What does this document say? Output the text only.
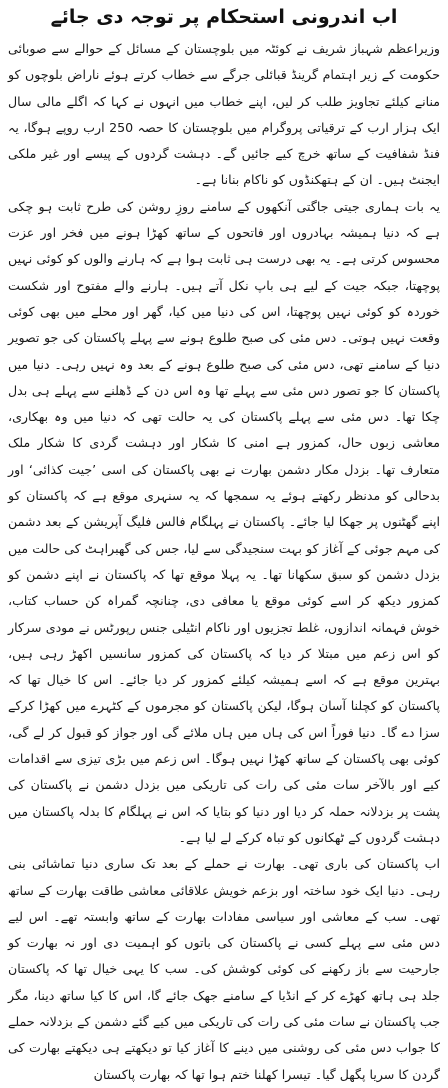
اب اندرونی استحکام پر توجہ دی جائے

وزیراعظم شہباز شریف نے کوئٹہ میں بلوچستان کے مسائل کے حوالے سے صوبائی حکومت کے زیر اہتمام گرینڈ قبائلی جرگے سے خطاب کرتے ہوئے ناراض بلوچوں کو منانے کیلئے تجاویز طلب کر لیں، اپنے خطاب میں انہوں نے کہا کہ اگلے مالی سال ایک ہزار ارب کے ترقیاتی پروگرام میں بلوچستان کا حصہ 250 ارب روپے ہوگا، یہ فنڈ شفافیت کے ساتھ خرچ کیے جائیں گے۔ دہشت گردوں کے پیسے اور غیر ملکی ایجنٹ ہیں۔ ان کے ہتھکنڈوں کو ناکام بنانا ہے۔

یہ بات ہماری جیتی جاگتی آنکھوں کے سامنے روزِ روشن کی طرح ثابت ہو چکی ہے کہ دنیا ہمیشہ بہادروں اور فاتحوں کے ساتھ کھڑا ہونے میں فخر اور عزت محسوس کرتی ہے۔ یہ بھی درست ہی ثابت ہوا ہے کہ ہارنے والوں کو کوئی نہیں پوچھتا، جبکہ جیت کے لیے ہی باپ نکل آتے ہیں۔ ہارنے والے مفتوح اور شکست خوردہ کو کوئی نہیں پوچھتا، اس کی دنیا میں کیا، گھر اور محلے میں بھی کوئی وقعت نہیں ہوتی۔ دس مئی کی صبح طلوع ہونے سے پہلے پاکستان کی جو تصویر دنیا کے سامنے تھی، دس مئی کی صبح طلوع ہونے کے بعد وہ نہیں رہی۔ دنیا میں پاکستان کا جو تصور دس مئی سے پہلے تھا وہ اس دن کے ڈھلنے سے پہلے ہی بدل چکا تھا۔ دس مئی سے پہلے پاکستان کی یہ حالت تھی کہ دنیا میں وہ بھکاری، معاشی زبوں حال، کمزور ہے امنی کا شکار اور دہشت گردی کا شکار ملک متعارف تھا۔ بزدل مکار دشمن بھارت نے بھی پاکستان کی اسی ’جیت کذائی‘ اور بدحالی کو مدنظر رکھتے ہوئے یہ سمجھا کہ یہ سنہری موقع ہے کہ پاکستان کو اپنے گھٹنوں پر جھکا لیا جائے۔ پاکستان نے پہلگام فالس فلیگ آپریشن کے بعد دشمن کی مہم جوئی کے آغاز کو بہت سنجیدگی سے لیا، جس کی گھبراہٹ کی حالت میں بزدل دشمن کو سبق سکھانا تھا۔ یہ پہلا موقع تھا کہ پاکستان نے اپنے دشمن کو کمزور دیکھ کر اسے کوئی موقع یا معافی دی، چنانچہ گمراہ کن حساب کتاب، خوش فہمانہ اندازوں، غلط تجزیوں اور ناکام انٹیلی جنس رپورٹس نے مودی سرکار کو اس زعم میں مبتلا کر دیا کہ پاکستان کی کمزور سانسیں اکھڑ رہی ہیں، بہترین موقع ہے کہ اسے ہمیشہ کیلئے کمزور کر دیا جائے۔ اس کا خیال تھا کہ پاکستان کو کچلنا آسان ہوگا، لیکن پاکستان کو مجرموں کے کٹہرے میں کھڑا کرکے سزا دے گا۔ دنیا فوراً اس کی ہاں میں ہاں ملائے گی اور جواز کو قبول کر لے گی، کوئی بھی پاکستان کے ساتھ کھڑا نہیں ہوگا۔ اس زعم میں بڑی تیزی سے اقدامات کیے اور بالآخر سات مئی کی رات کی تاریکی میں بزدل دشمن نے پاکستان کی پشت پر بزدلانہ حملہ کر دیا اور دنیا کو بتایا کہ اس نے پہلگام کا بدلہ پاکستان میں دہشت گردوں کے ٹھکانوں کو تباہ کرکے لے لیا ہے۔

اب پاکستان کی باری تھی۔ بھارت نے حملے کے بعد تک ساری دنیا تماشائی بنی رہی۔ دنیا ایک خود ساختہ اور بزعم خویش علاقائی معاشی طاقت بھارت کے ساتھ تھی۔ سب کے معاشی اور سیاسی مفادات بھارت کے ساتھ وابستہ تھے۔ اس لیے دس مئی سے پہلے کسی نے پاکستان کی باتوں کو اہمیت دی اور نہ بھارت کو جارحیت سے باز رکھنے کی کوئی کوشش کی۔ سب کا یہی خیال تھا کہ پاکستان جلد ہی ہاتھ کھڑے کر کے انڈیا کے سامنے جھک جائے گا، اس کا کیا ساتھ دینا، مگر جب پاکستان نے سات مئی کی رات کی تاریکی میں کیے گئے دشمن کے بزدلانہ حملے کا جواب دس مئی کی روشنی میں دینے کا آغاز کیا تو دیکھتے ہی دیکھتے بھارت کی گردن کا سریا پگھل گیا۔ تیسرا کھلنا ختم ہوا تھا کہ بھارت پاکستان
